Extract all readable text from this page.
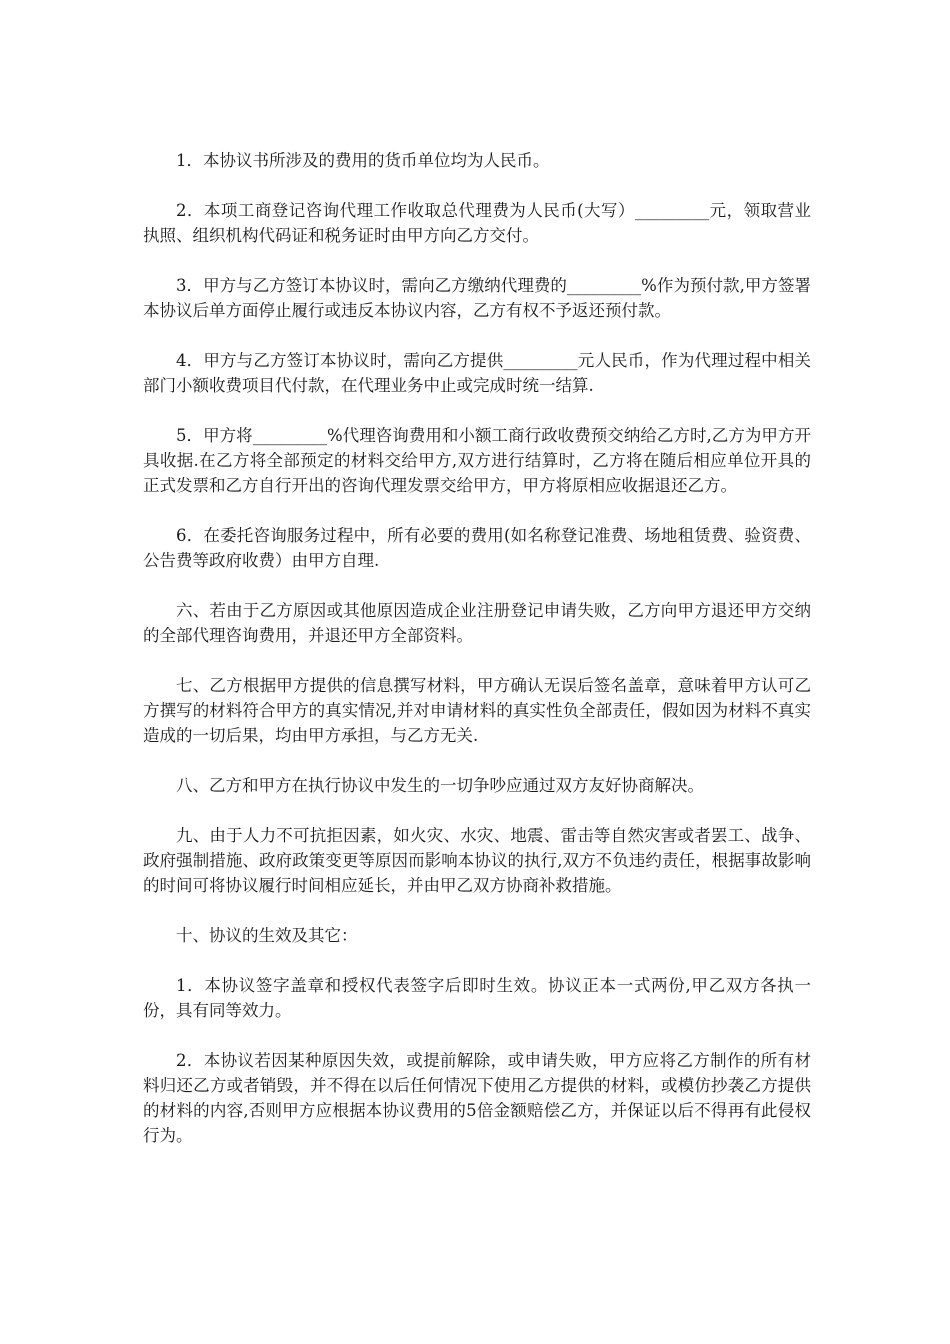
1．本协议书所涉及的费用的货币单位均为人民币。

2．本项工商登记咨询代理工作收取总代理费为人民币(大写）_________元，领取营业执照、组织机构代码证和税务证时由甲方向乙方交付。

3．甲方与乙方签订本协议时，需向乙方缴纳代理费的_________%作为预付款,甲方签署本协议后单方面停止履行或违反本协议内容，乙方有权不予返还预付款。

4．甲方与乙方签订本协议时，需向乙方提供_________元人民币，作为代理过程中相关部门小额收费项目代付款，在代理业务中止或完成时统一结算.

5．甲方将_________%代理咨询费用和小额工商行政收费预交纳给乙方时,乙方为甲方开具收据.在乙方将全部预定的材料交给甲方,双方进行结算时，乙方将在随后相应单位开具的正式发票和乙方自行开出的咨询代理发票交给甲方，甲方将原相应收据退还乙方。

6．在委托咨询服务过程中，所有必要的费用(如名称登记准费、场地租赁费、验资费、公告费等政府收费）由甲方自理.

六、若由于乙方原因或其他原因造成企业注册登记申请失败，乙方向甲方退还甲方交纳的全部代理咨询费用，并退还甲方全部资料。

七、乙方根据甲方提供的信息撰写材料，甲方确认无误后签名盖章，意味着甲方认可乙方撰写的材料符合甲方的真实情况,并对申请材料的真实性负全部责任，假如因为材料不真实造成的一切后果，均由甲方承担，与乙方无关.

八、乙方和甲方在执行协议中发生的一切争吵应通过双方友好协商解决。

九、由于人力不可抗拒因素，如火灾、水灾、地震、雷击等自然灾害或者罢工、战争、政府强制措施、政府政策变更等原因而影响本协议的执行,双方不负违约责任，根据事故影响的时间可将协议履行时间相应延长，并由甲乙双方协商补救措施。

十、协议的生效及其它：

1．本协议签字盖章和授权代表签字后即时生效。协议正本一式两份,甲乙双方各执一份，具有同等效力。

2．本协议若因某种原因失效，或提前解除，或申请失败，甲方应将乙方制作的所有材料归还乙方或者销毁，并不得在以后任何情况下使用乙方提供的材料，或模仿抄袭乙方提供的材料的内容,否则甲方应根据本协议费用的5倍金额赔偿乙方，并保证以后不得再有此侵权行为。
